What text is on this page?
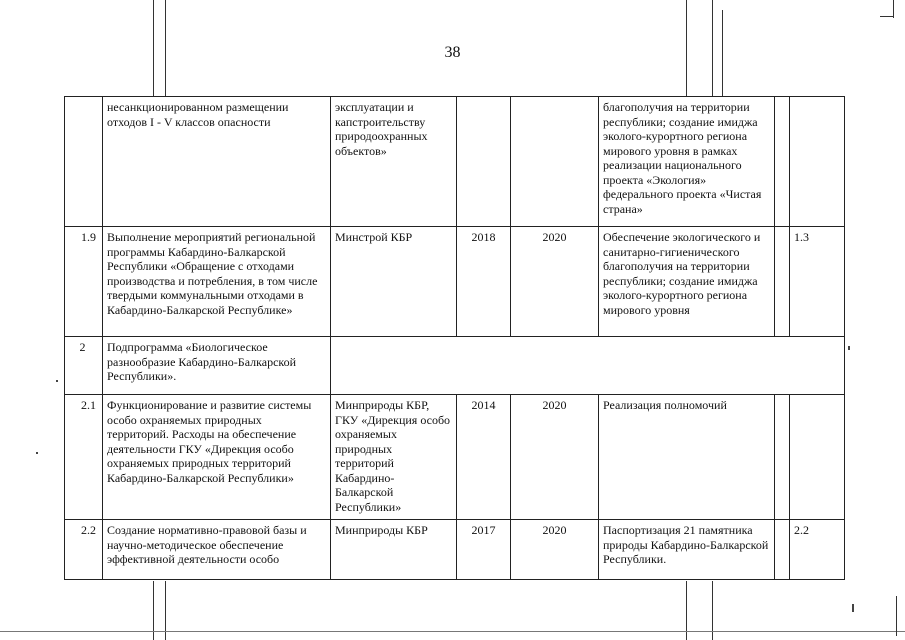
38
	несанкционированном размещении отходов I - V классов опасности	эксплуатации и капстроительству природоохранных объектов»			благополучия на территории республики; создание имиджа эколого-курортного региона мирового уровня в рамках реализации национального проекта «Экология» федерального проекта «Чистая страна»		
1.9	Выполнение мероприятий региональной программы Кабардино-Балкарской Республики «Обращение с отходами производства и потребления, в том числе твердыми коммунальными отходами в Кабардино-Балкарской Республике»	Минстрой КБР	2018	2020	Обеспечение экологического и санитарно-гигиенического благополучия на территории республики; создание имиджа эколого-курортного региона мирового уровня		1.3
2	Подпрограмма «Биологическое разнообразие Кабардино-Балкарской Республики».						
2.1	Функционирование и развитие системы особо охраняемых природных территорий. Расходы на обеспечение деятельности ГКУ «Дирекция особо охраняемых природных территорий Кабардино-Балкарской Республики»	Минприроды КБР, ГКУ «Дирекция особо охраняемых природных территорий Кабардино-Балкарской Республики»	2014	2020	Реализация полномочий		
2.2	Создание нормативно-правовой базы и научно-методическое обеспечение эффективной деятельности особо	Минприроды КБР	2017	2020	Паспортизация 21 памятника природы Кабардино-Балкарской Республики.		2.2
